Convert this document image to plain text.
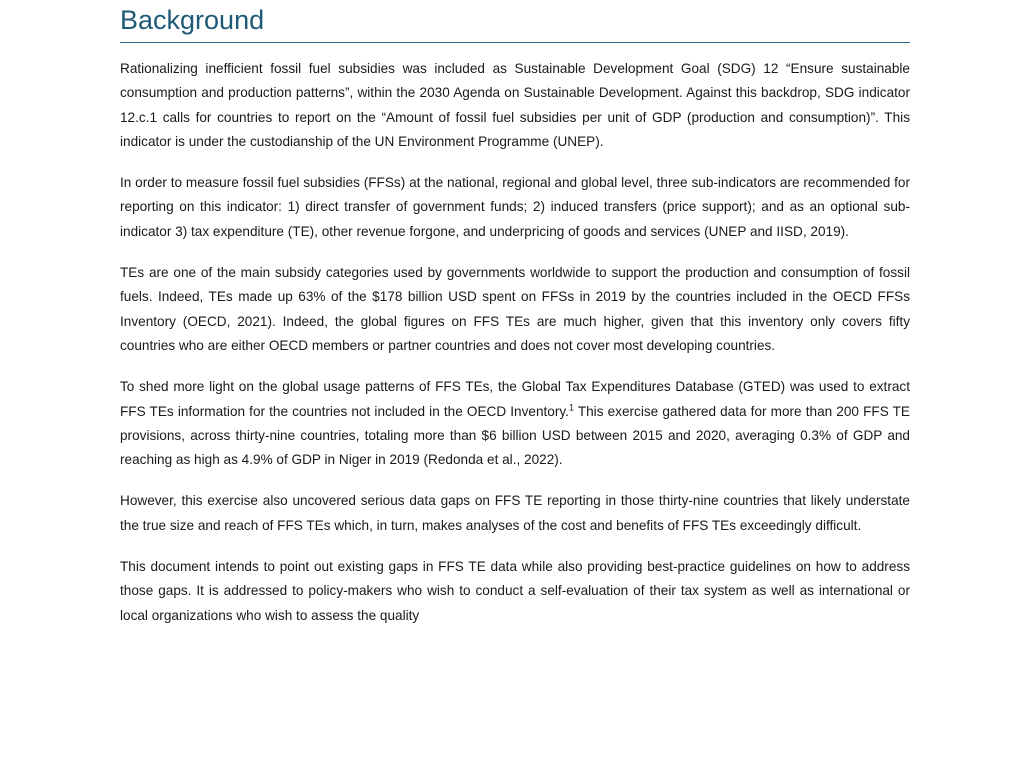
Background

Rationalizing inefficient fossil fuel subsidies was included as Sustainable Development Goal (SDG) 12 “Ensure sustainable consumption and production patterns”, within the 2030 Agenda on Sustainable Development. Against this backdrop, SDG indicator 12.c.1 calls for countries to report on the “Amount of fossil fuel subsidies per unit of GDP (production and consumption)”. This indicator is under the custodianship of the UN Environment Programme (UNEP).

In order to measure fossil fuel subsidies (FFSs) at the national, regional and global level, three sub-indicators are recommended for reporting on this indicator: 1) direct transfer of government funds; 2) induced transfers (price support); and as an optional sub-indicator 3) tax expenditure (TE), other revenue forgone, and underpricing of goods and services (UNEP and IISD, 2019).

TEs are one of the main subsidy categories used by governments worldwide to support the production and consumption of fossil fuels. Indeed, TEs made up 63% of the $178 billion USD spent on FFSs in 2019 by the countries included in the OECD FFSs Inventory (OECD, 2021). Indeed, the global figures on FFS TEs are much higher, given that this inventory only covers fifty countries who are either OECD members or partner countries and does not cover most developing countries.

To shed more light on the global usage patterns of FFS TEs, the Global Tax Expenditures Database (GTED) was used to extract FFS TEs information for the countries not included in the OECD Inventory.$^1$ This exercise gathered data for more than 200 FFS TE provisions, across thirty-nine countries, totaling more than $6 billion USD between 2015 and 2020, averaging 0.3% of GDP and reaching as high as 4.9% of GDP in Niger in 2019 (Redonda et al., 2022).

However, this exercise also uncovered serious data gaps on FFS TE reporting in those thirty-nine countries that likely understate the true size and reach of FFS TEs which, in turn, makes analyses of the cost and benefits of FFS TEs exceedingly difficult.

This document intends to point out existing gaps in FFS TE data while also providing best-practice guidelines on how to address those gaps. It is addressed to policy-makers who wish to conduct a self-evaluation of their tax system as well as international or local organizations who wish to assess the quality
